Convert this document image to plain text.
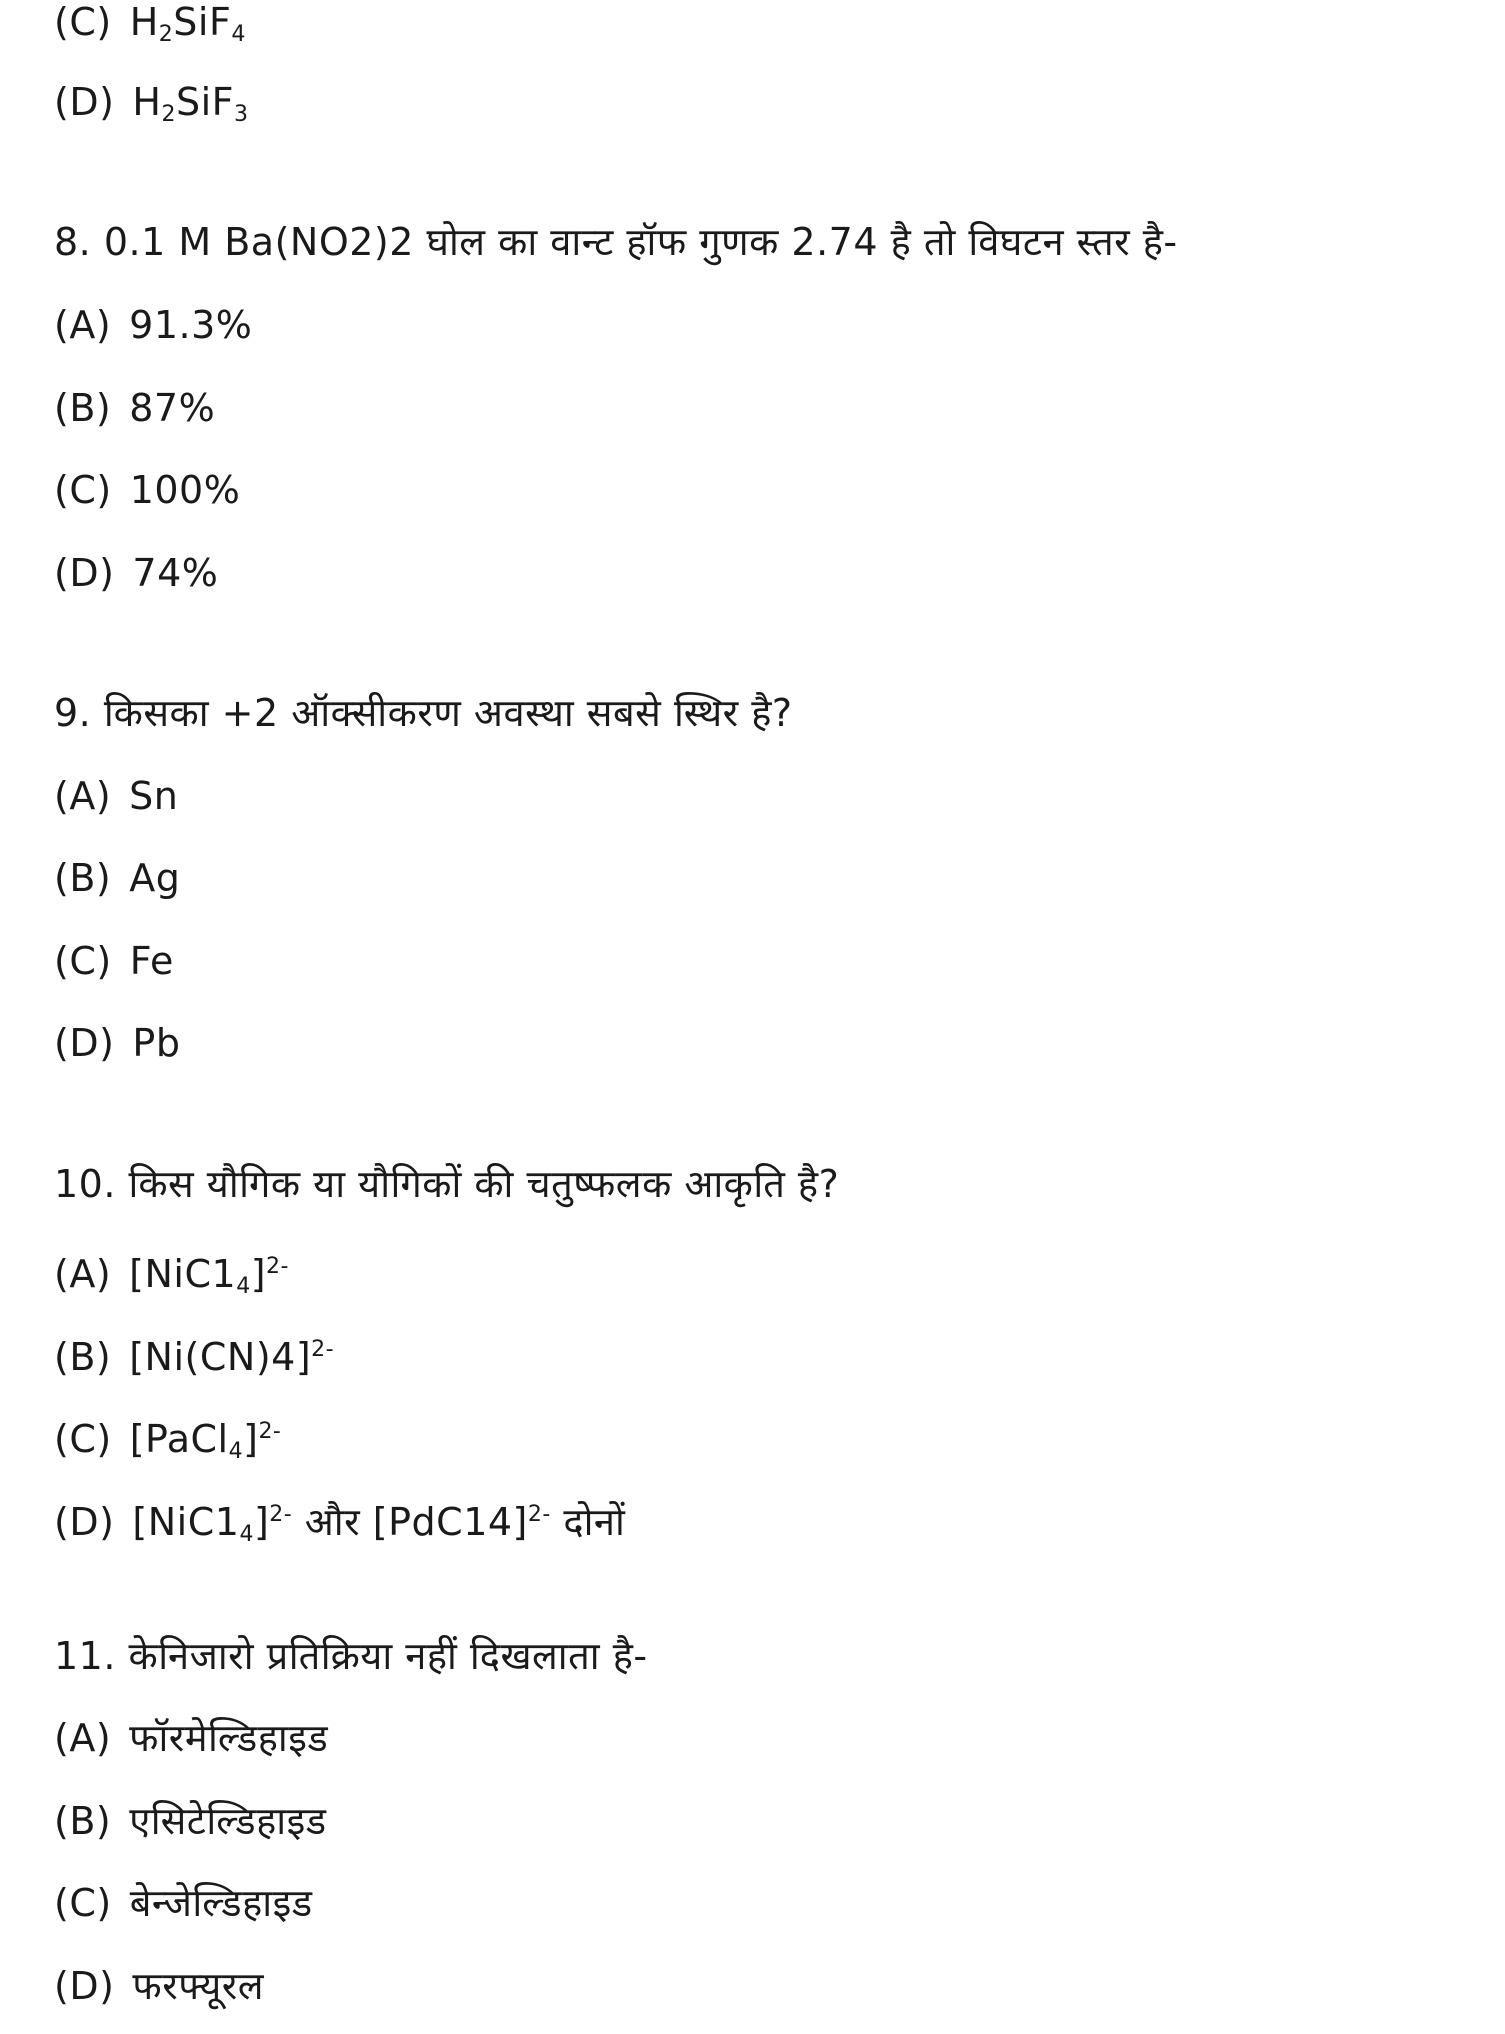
(C) $H_2SiF_4$
(D) $H_2SiF_3$
8. 0.1 M Ba(NO2)2 घोल का वान्ट हॉफ गुणक 2.74 है तो विघटन स्तर है-
(A) 91.3%
(B) 87%
(C) 100%
(D) 74%
9. किसका +2 ऑक्सीकरण अवस्था सबसे स्थिर है?
(A) Sn
(B) Ag
(C) Fe
(D) Pb
10. किस यौगिक या यौगिकों की चतुष्फलक आकृति है?
(A) $[NiC1_4]^{2-}$
(B) $[Ni(CN)4]^{2-}$
(C) [PaCl$_4$]$^{2-}$
(D) $[NiC1_4]^{2-}$ और $[PdC14]^{2-}$ दोनों
11. केनिजारो प्रतिक्रिया नहीं दिखलाता है-
(A) फॉरमेल्डिहाइड
(B) एसिटेल्डिहाइड
(C) बेन्जेल्डिहाइड
(D) फरफ्यूरल
